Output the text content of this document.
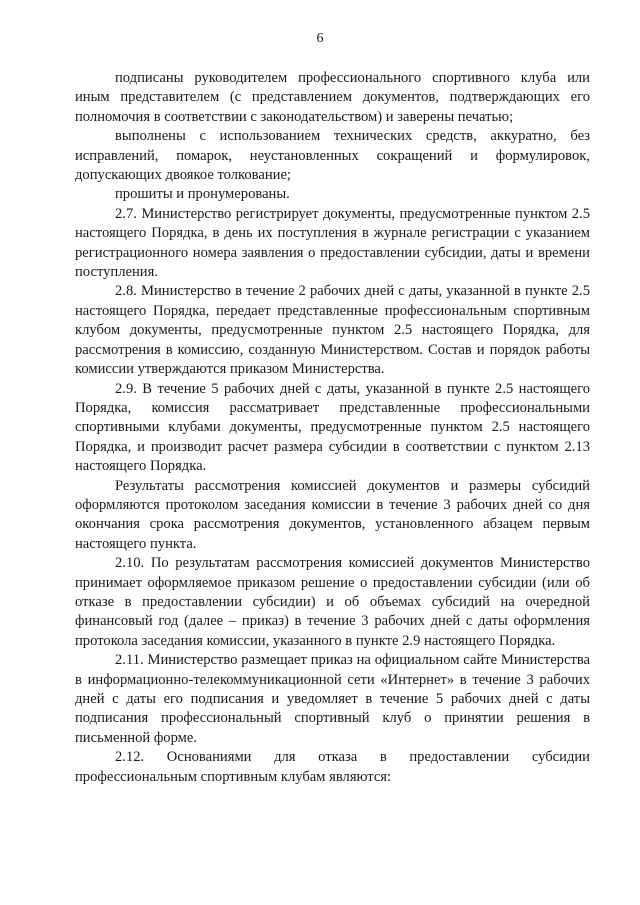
6

подписаны руководителем профессионального спортивного клуба или иным представителем (с представлением документов, подтверждающих его полномочия в соответствии с законодательством) и заверены печатью;

выполнены с использованием технических средств, аккуратно, без исправлений, помарок, неустановленных сокращений и формулировок, допускающих двоякое толкование;

прошиты и пронумерованы.

2.7. Министерство регистрирует документы, предусмотренные пунктом 2.5 настоящего Порядка, в день их поступления в журнале регистрации с указанием регистрационного номера заявления о предоставлении субсидии, даты и времени поступления.

2.8. Министерство в течение 2 рабочих дней с даты, указанной в пункте 2.5 настоящего Порядка, передает представленные профессиональным спортивным клубом документы, предусмотренные пунктом 2.5 настоящего Порядка, для рассмотрения в комиссию, созданную Министерством. Состав и порядок работы комиссии утверждаются приказом Министерства.

2.9. В течение 5 рабочих дней с даты, указанной в пункте 2.5 настоящего Порядка, комиссия рассматривает представленные профессиональными спортивными клубами документы, предусмотренные пунктом 2.5 настоящего Порядка, и производит расчет размера субсидии в соответствии с пунктом 2.13 настоящего Порядка.

Результаты рассмотрения комиссией документов и размеры субсидий оформляются протоколом заседания комиссии в течение 3 рабочих дней со дня окончания срока рассмотрения документов, установленного абзацем первым настоящего пункта.

2.10. По результатам рассмотрения комиссией документов Министерство принимает оформляемое приказом решение о предоставлении субсидии (или об отказе в предоставлении субсидии) и об объемах субсидий на очередной финансовый год (далее – приказ) в течение 3 рабочих дней с даты оформления протокола заседания комиссии, указанного в пункте 2.9 настоящего Порядка.

2.11. Министерство размещает приказ на официальном сайте Министерства в информационно-телекоммуникационной сети «Интернет» в течение 3 рабочих дней с даты его подписания и уведомляет в течение 5 рабочих дней с даты подписания профессиональный спортивный клуб о принятии решения в письменной форме.

2.12. Основаниями для отказа в предоставлении субсидии профессиональным спортивным клубам являются:
